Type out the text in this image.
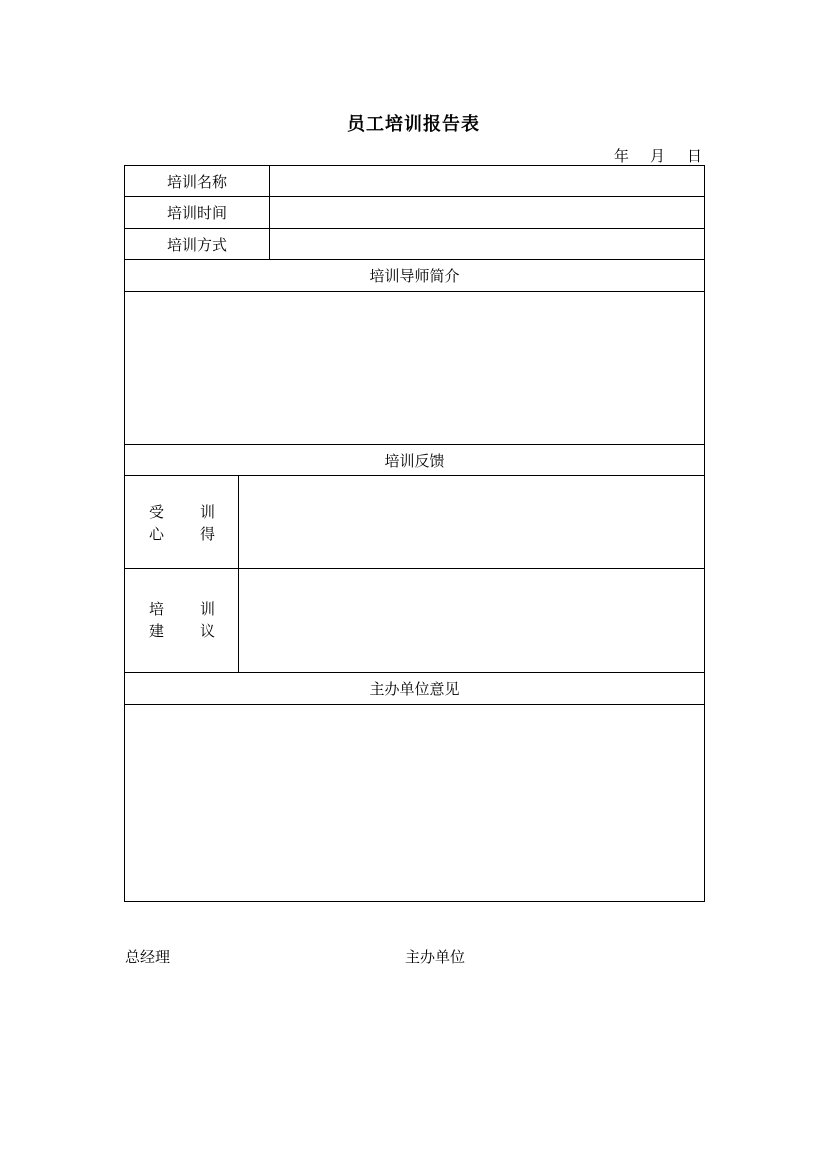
员工培训报告表
年 月 日
培训名称		
培训时间		
培训方式		
培训导师简介		

培训反馈		

受 训
心 得		

培 训
建 议		

主办单位意见		

总经理	主办单位
